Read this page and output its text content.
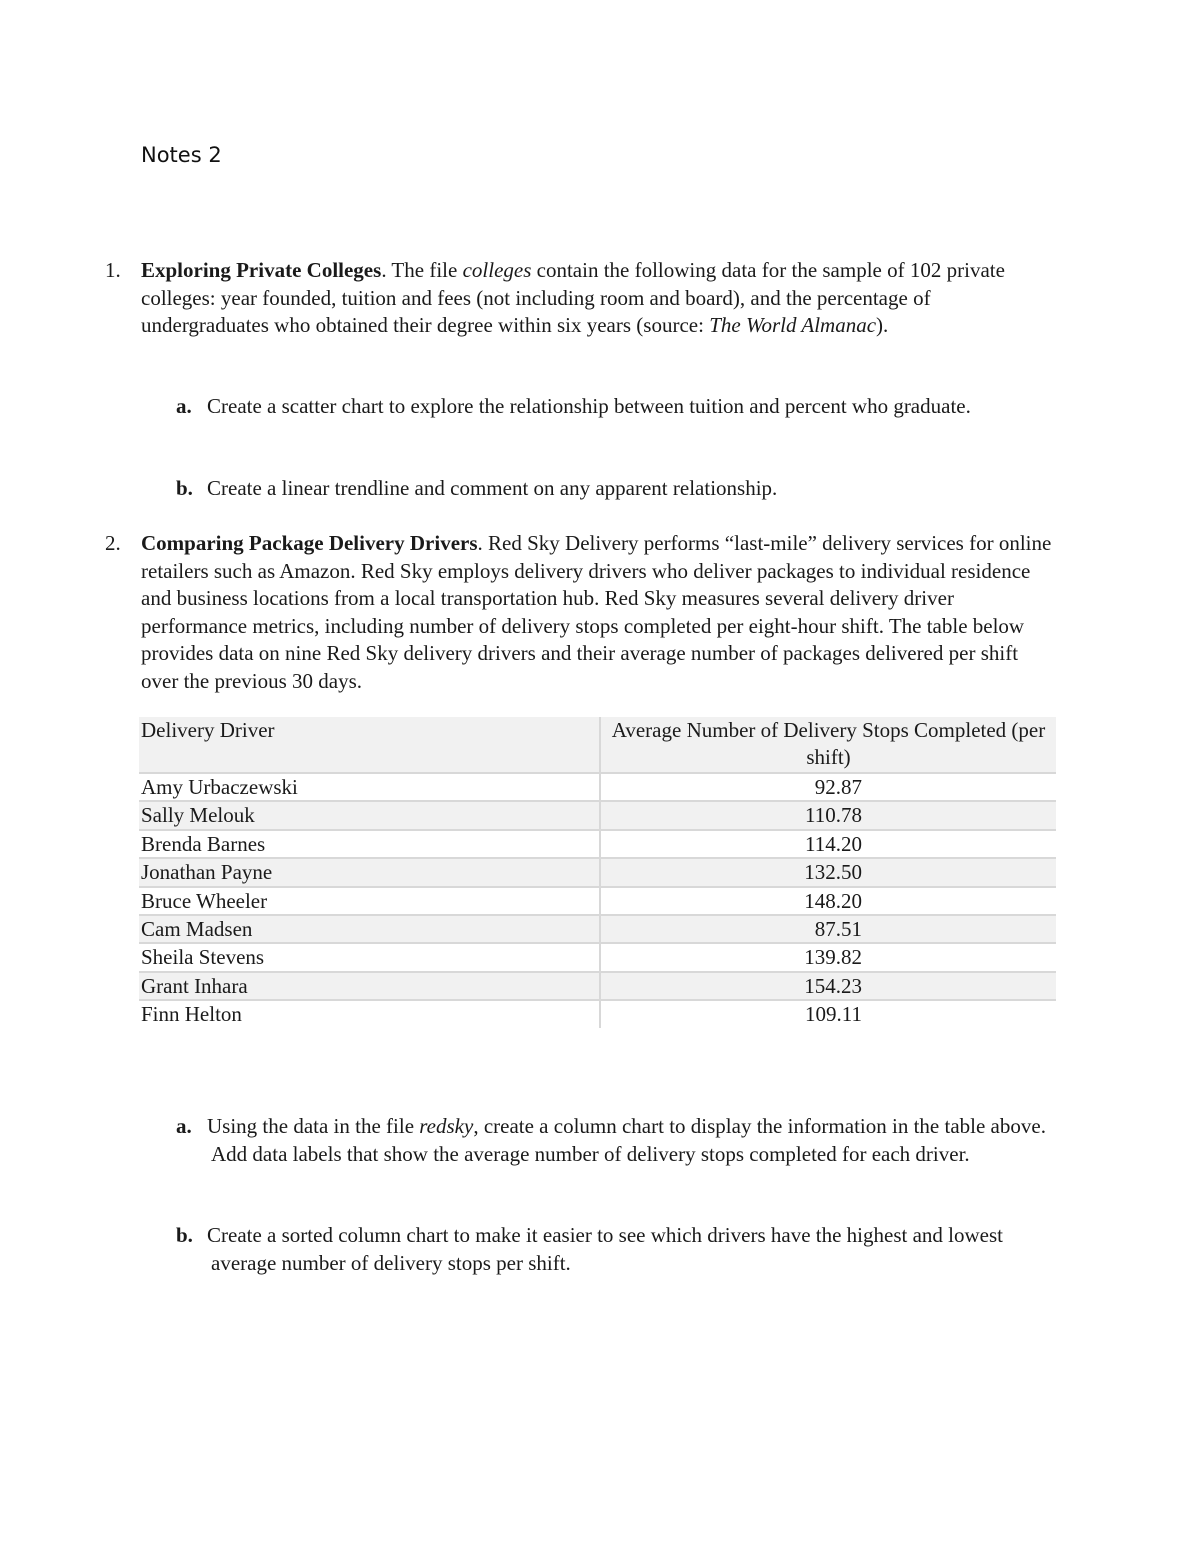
Notes 2
1. Exploring Private Colleges. The file colleges contain the following data for the sample of 102 private colleges: year founded, tuition and fees (not including room and board), and the percentage of undergraduates who obtained their degree within six years (source: The World Almanac).
a. Create a scatter chart to explore the relationship between tuition and percent who graduate.
b. Create a linear trendline and comment on any apparent relationship.
2. Comparing Package Delivery Drivers. Red Sky Delivery performs “last-mile” delivery services for online retailers such as Amazon. Red Sky employs delivery drivers who deliver packages to individual residence and business locations from a local transportation hub. Red Sky measures several delivery driver performance metrics, including number of delivery stops completed per eight-hour shift. The table below provides data on nine Red Sky delivery drivers and their average number of packages delivered per shift over the previous 30 days.
Delivery Driver	Average Number of Delivery Stops Completed (per shift)
Amy Urbaczewski	92.87
Sally Melouk	110.78
Brenda Barnes	114.20
Jonathan Payne	132.50
Bruce Wheeler	148.20
Cam Madsen	87.51
Sheila Stevens	139.82
Grant Inhara	154.23
Finn Helton	109.11
a. Using the data in the file redsky, create a column chart to display the information in the table above. Add data labels that show the average number of delivery stops completed for each driver.
b. Create a sorted column chart to make it easier to see which drivers have the highest and lowest average number of delivery stops per shift.
